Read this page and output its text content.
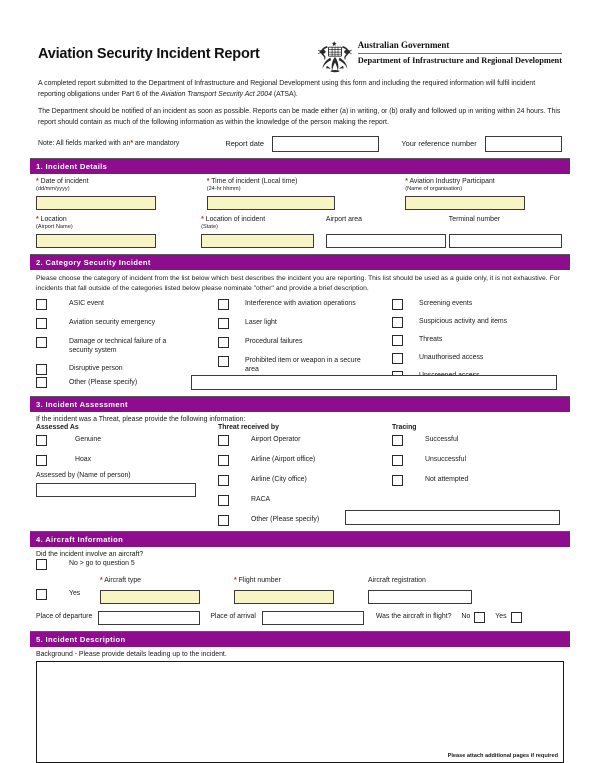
Aviation Security Incident Report
Australian Government
Department of Infrastructure and Regional Development

A completed report submitted to the Department of Infrastructure and Regional Development using this form and including the required information will fulfil incident reporting obligations under Part 6 of the Aviation Transport Security Act 2004 (ATSA).

The Department should be notified of an incident as soon as possible. Reports can be made either (a) in writing, or (b) orally and followed up in writing within 24 hours. This report should contain as much of the following information as within the knowledge of the person making the report.

Note: All fields marked with an* are mandatory	Report date	Your reference number
1. Incident Details
* Date of incident
(dd/mm/yyyy)
* Time of incident (Local time)
(24-hr hhmm)
* Aviation Industry Participant
(Name of organisation)
* Location
(Airport Name)
* Location of incident
(State)
Airport area
	Terminal number

2. Category Security Incident

Please choose the category of incident from the list below which best describes the incident you are reporting. This list should be used as a guide only, it is not exhaustive. For incidents that fall outside of the categories listed below please nominate "other" and provide a brief description.

ASIC event
Aviation security emergency
Damage or technical failure of a security system
Disruptive person
Interference with aviation operations
Laser light
Procedural failures
Prohibited item or weapon in a secure area
Screening events
Suspicious activity and items
Threats
Unauthorised access
Other (Please specify)
3. Incident Assessment
If the incident was a Threat, please provide the following information:
Assessed As
Genuine
Hoax
Assessed by (Name of person)
Threat received by
Airport Operator
Airline (Airport office)
Airline (City office)
RACA
Other (Please specify)
Tracing
Successful
Unsuccessful
Not attempted
4. Aircraft Information
Did the incident involve an aircraft?
No > go to question 5
Yes
* Aircraft type	* Flight number	Aircraft registration
Place of departure	Place of arrival	Was the aircraft in flight? No	Yes
5. Incident Description
Background - Please provide details leading up to the incident.
Please attach additional pages if required
